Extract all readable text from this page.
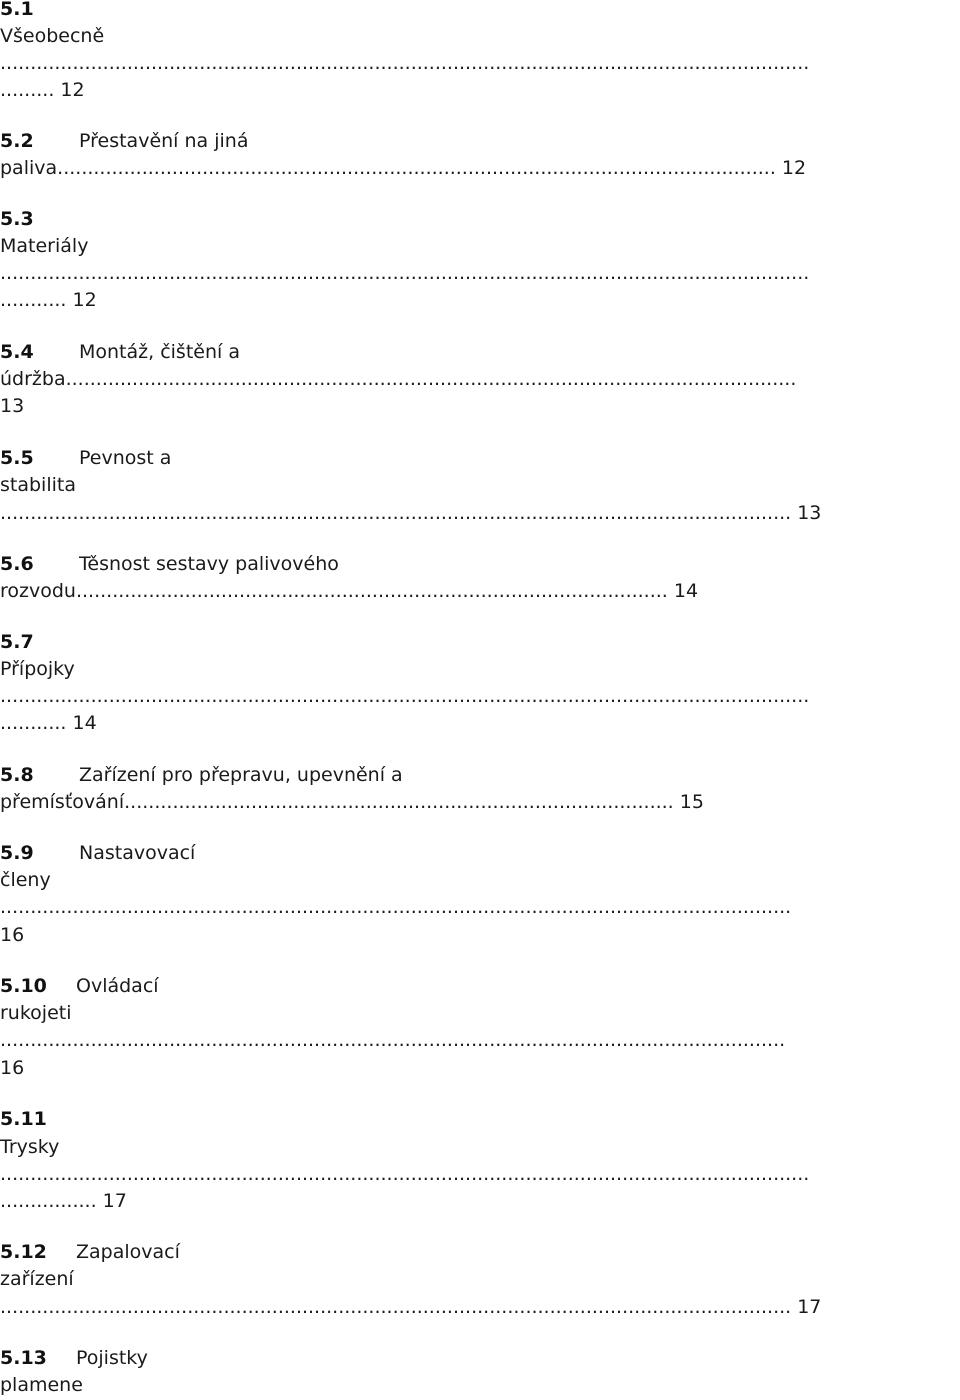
5.1
Všeobecně
......................................................................................................................................
......... 12
5.2 Přestavění na jiná
paliva....................................................................................................................... 12
5.3
Materiály
......................................................................................................................................
........... 12
5.4 Montáž, čištění a
údržba.........................................................................................................................
13
5.5 Pevnost a
stabilita
................................................................................................................................... 13
5.6 Těsnost sestavy palivového
rozvodu.................................................................................................. 14
5.7
Přípojky
......................................................................................................................................
........... 14
5.8 Zařízení pro přepravu, upevnění a
přemísťování........................................................................................... 15
5.9 Nastavovací
členy
...................................................................................................................................
16
5.10 Ovládací
rukojeti
..................................................................................................................................
16
5.11
Trysky
......................................................................................................................................
................ 17
5.12 Zapalovací
zařízení
................................................................................................................................... 17
5.13 Pojistky
plamene
